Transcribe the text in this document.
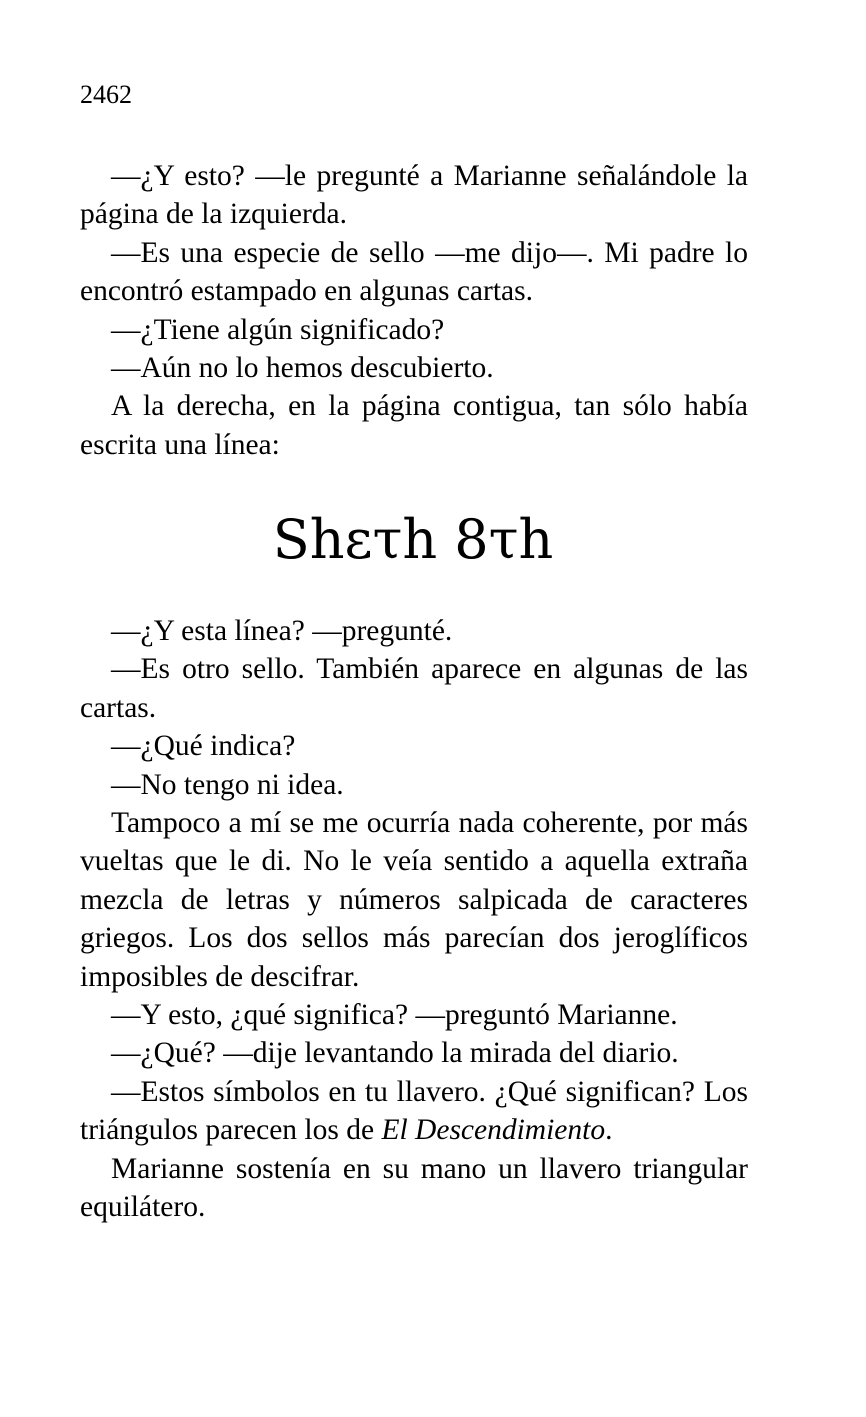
2462

—¿Y esto? —le pregunté a Marianne señalándole la página de la izquierda.

—Es una especie de sello —me dijo—. Mi padre lo encontró estampado en algunas cartas.

—¿Tiene algún significado?

—Aún no lo hemos descubierto.

A la derecha, en la página contigua, tan sólo había escrita una línea:

Shετh 8τh

—¿Y esta línea? —pregunté.

—Es otro sello. También aparece en algunas de las cartas.

—¿Qué indica?

—No tengo ni idea.

Tampoco a mí se me ocurría nada coherente, por más vueltas que le di. No le veía sentido a aquella extraña mezcla de letras y números salpicada de caracteres griegos. Los dos sellos más parecían dos jeroglíficos imposibles de descifrar.

—Y esto, ¿qué significa? —preguntó Marianne.

—¿Qué? —dije levantando la mirada del diario.

—Estos símbolos en tu llavero. ¿Qué significan? Los triángulos parecen los de El Descendimiento.

Marianne sostenía en su mano un llavero triangular equilátero.
